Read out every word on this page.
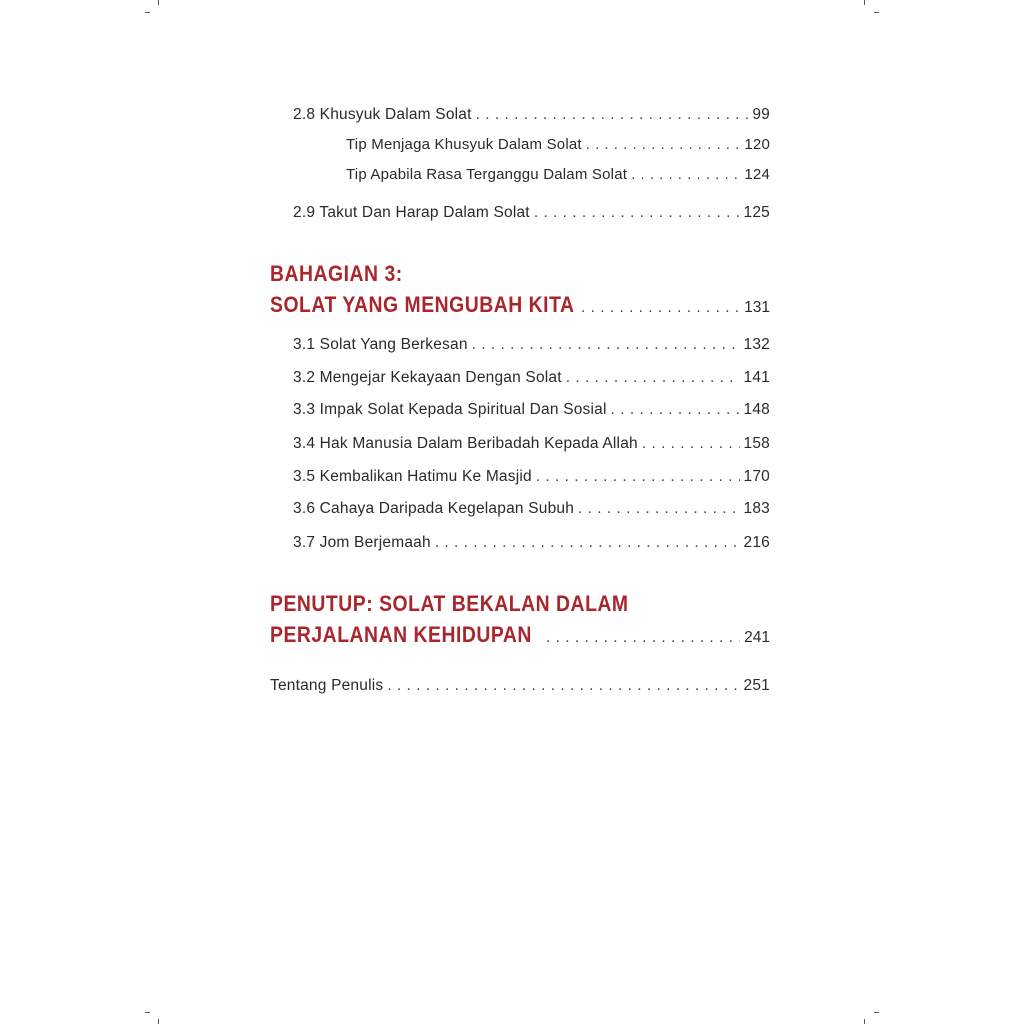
2.8 Khusyuk Dalam Solat . . .	99
Tip Menjaga Khusyuk Dalam Solat . . .	120
Tip Apabila Rasa Terganggu Dalam Solat . . .	124
2.9 Takut Dan Harap Dalam Solat . . .	125
BAHAGIAN 3:
SOLAT YANG MENGUBAH KITA . . .	131
3.1 Solat Yang Berkesan . . .	132
3.2 Mengejar Kekayaan Dengan Solat . . .	141
3.3 Impak Solat Kepada Spiritual Dan Sosial . . .	148
3.4 Hak Manusia Dalam Beribadah Kepada Allah . . .	158
3.5 Kembalikan Hatimu Ke Masjid . . .	170
3.6 Cahaya Daripada Kegelapan Subuh . . .	183
3.7 Jom Berjemaah . . .	216
PENUTUP: SOLAT BEKALAN DALAM
PERJALANAN KEHIDUPAN . . .	241
Tentang Penulis . . .	251
